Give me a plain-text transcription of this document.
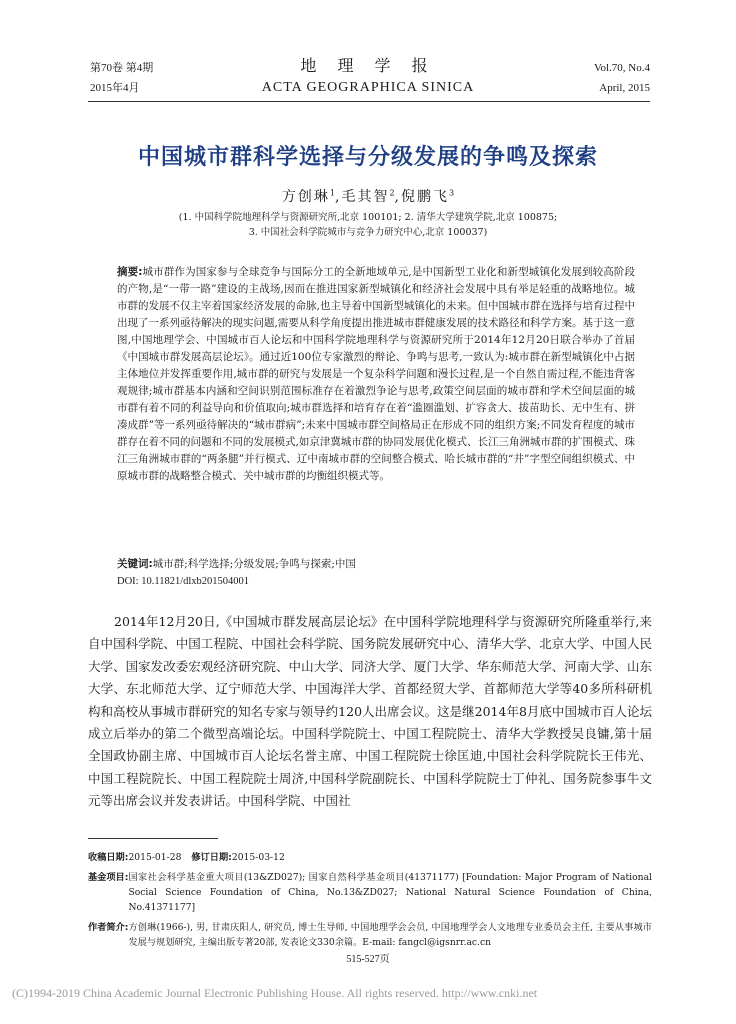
第70卷 第4期
2015年4月
地 理 学 报
ACTA GEOGRAPHICA SINICA
Vol.70, No.4
April, 2015
中国城市群科学选择与分级发展的争鸣及探索
方创琳$^1$,毛其智$^2$,倪鹏飞$^3$
(1. 中国科学院地理科学与资源研究所,北京 100101; 2. 清华大学建筑学院,北京 100875;
3. 中国社会科学院城市与竞争力研究中心,北京 100037)
摘要:城市群作为国家参与全球竞争与国际分工的全新地域单元,是中国新型工业化和新型城镇化发展到较高阶段的产物,是“一带一路”建设的主战场,因而在推进国家新型城镇化和经济社会发展中具有举足轻重的战略地位。城市群的发展不仅主宰着国家经济发展的命脉,也主导着中国新型城镇化的未来。但中国城市群在选择与培育过程中出现了一系列亟待解决的现实问题,需要从科学角度提出推进城市群健康发展的技术路径和科学方案。基于这一意图,中国地理学会、中国城市百人论坛和中国科学院地理科学与资源研究所于2014年12月20日联合举办了首届《中国城市群发展高层论坛》。通过近100位专家激烈的辩论、争鸣与思考,一致认为:城市群在新型城镇化中占据主体地位并发挥重要作用,城市群的研究与发展是一个复杂科学问题和漫长过程,是一个自然自需过程,不能违背客观规律;城市群基本内涵和空间识别范围标准存在着激烈争论与思考,政策空间层面的城市群和学术空间层面的城市群有着不同的利益导向和价值取向;城市群选择和培育存在着“滥圈滥划、扩容贪大、拔苗助长、无中生有、拼凑成群”等一系列亟待解决的“城市群病”;未来中国城市群空间格局正在形成不同的组织方案;不同发育程度的城市群存在着不同的问题和不同的发展模式,如京津冀城市群的协同发展优化模式、长江三角洲城市群的扩围模式、珠江三角洲城市群的“两条腿”并行模式、辽中南城市群的空间整合模式、哈长城市群的“井”字型空间组织模式、中原城市群的战略整合模式、关中城市群的均衡组织模式等。
关键词:城市群;科学选择;分级发展;争鸣与探索;中国
DOI: 10.11821/dlxb201504001
2014年12月20日,《中国城市群发展高层论坛》在中国科学院地理科学与资源研究所隆重举行,来自中国科学院、中国工程院、中国社会科学院、国务院发展研究中心、清华大学、北京大学、中国人民大学、国家发改委宏观经济研究院、中山大学、同济大学、厦门大学、华东师范大学、河南大学、山东大学、东北师范大学、辽宁师范大学、中国海洋大学、首都经贸大学、首都师范大学等40多所科研机构和高校从事城市群研究的知名专家与领导约120人出席会议。这是继2014年8月底中国城市百人论坛成立后举办的第二个微型高端论坛。中国科学院院士、中国工程院院士、清华大学教授吴良镛,第十届全国政协副主席、中国城市百人论坛名誉主席、中国工程院院士徐匡迪,中国社会科学院院长王伟光、中国工程院院长、中国工程院院士周济,中国科学院副院长、中国科学院院士丁仲礼、国务院参事牛文元等出席会议并发表讲话。中国科学院、中国社
收稿日期: 2015-01-28 修订日期: 2015-03-12
基金项目: 国家社会科学基金重大项目(13&ZD027); 国家自然科学基金项目(41371177) [Foundation: Major Program of National Social Science Foundation of China, No.13&ZD027; National Natural Science Foundation of China, No.41371177]
作者简介: 方创琳(1966-), 男, 甘肃庆阳人, 研究员, 博士生导师, 中国地理学会会员, 中国地理学会人文地理专业委员会主任, 主要从事城市发展与规划研究, 主编出版专著20部, 发表论文330余篇。E-mail: fangcl@igsnrr.ac.cn
515-527页
(C)1994-2019 China Academic Journal Electronic Publishing House. All rights reserved. http://www.cnki.net
